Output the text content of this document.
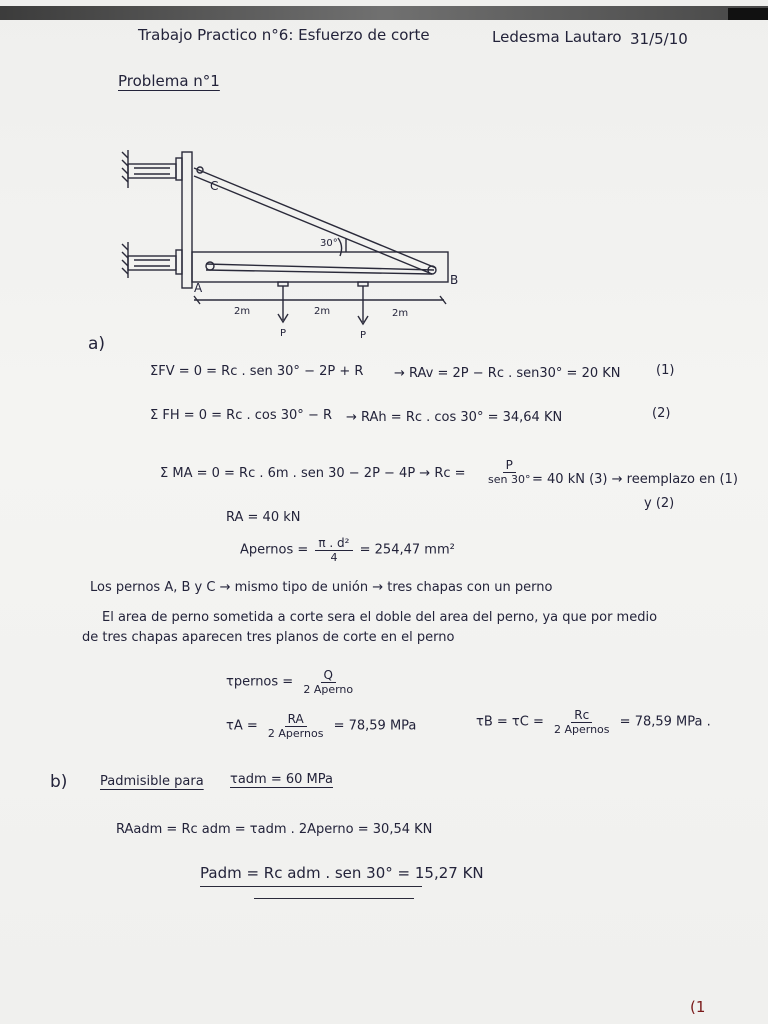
Trabajo Practico n°6: Esfuerzo de corte	Ledesma Lautaro 31/5/10
Problema n°1
C
A
B
30°
2m	2m	2m
P	P
a)
ΣFV = 0 = Rc . sen 30° − 2P + R → RAv = 2P − Rc . sen30° = 20 KN	(1)
Σ FH = 0 = Rc . cos 30° − R → RAh = Rc . cos 30° = 34,64 KN	(2)
Σ MA = 0 = Rc . 6m . sen $30 - 2P - 4P \to Rc = \frac{P}{\text{sen 30°}}$
= 40 kN (3) → reemplazo en (1)
y (2)
RA = 40 kN
Apernos = $\frac{\text{π . d²}}{4} = 254,47$ mm²
Los pernos A, B y C → mismo tipo de unión → tres chapas con un perno
El area de perno sometida a corte sera el doble del area del perno, ya que por medio
de tres chapas aparecen tres planos de corte en el perno
τpernos = $\frac{Q}{\text{2 Aperno}}$
$\tau A = \frac{RA}{\text{2 Apernos}} = 78,59$ MPa	$\tau B = \tau C = \frac{Rc}{\text{2 Apernos}} = 78,59$ MPa .
b)	Padmisible para τadm = 60 MPa
RAadm = Rc adm = τadm . 2Aperno = 30,54 KN
Padm = Rc adm . sen 30° = 15,27 KN
(1
